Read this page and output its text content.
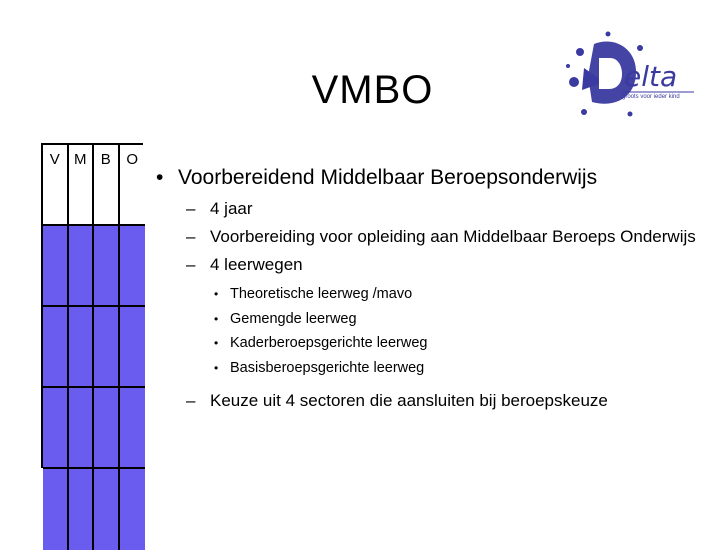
VMBO	elta
groots voor ieder kind
V M B	O
• Voorbereidend Middelbaar Beroepsonderwijs
– 4 jaar
– Voorbereiding voor opleiding aan Middelbaar Beroeps Onderwijs
– 4 leerwegen
• Theoretische leerweg /mavo
• Gemengde leerweg
• Kaderberoepsgerichte leerweg
• Basisberoepsgerichte leerweg
– Keuze uit 4 sectoren die aansluiten bij beroepskeuze
